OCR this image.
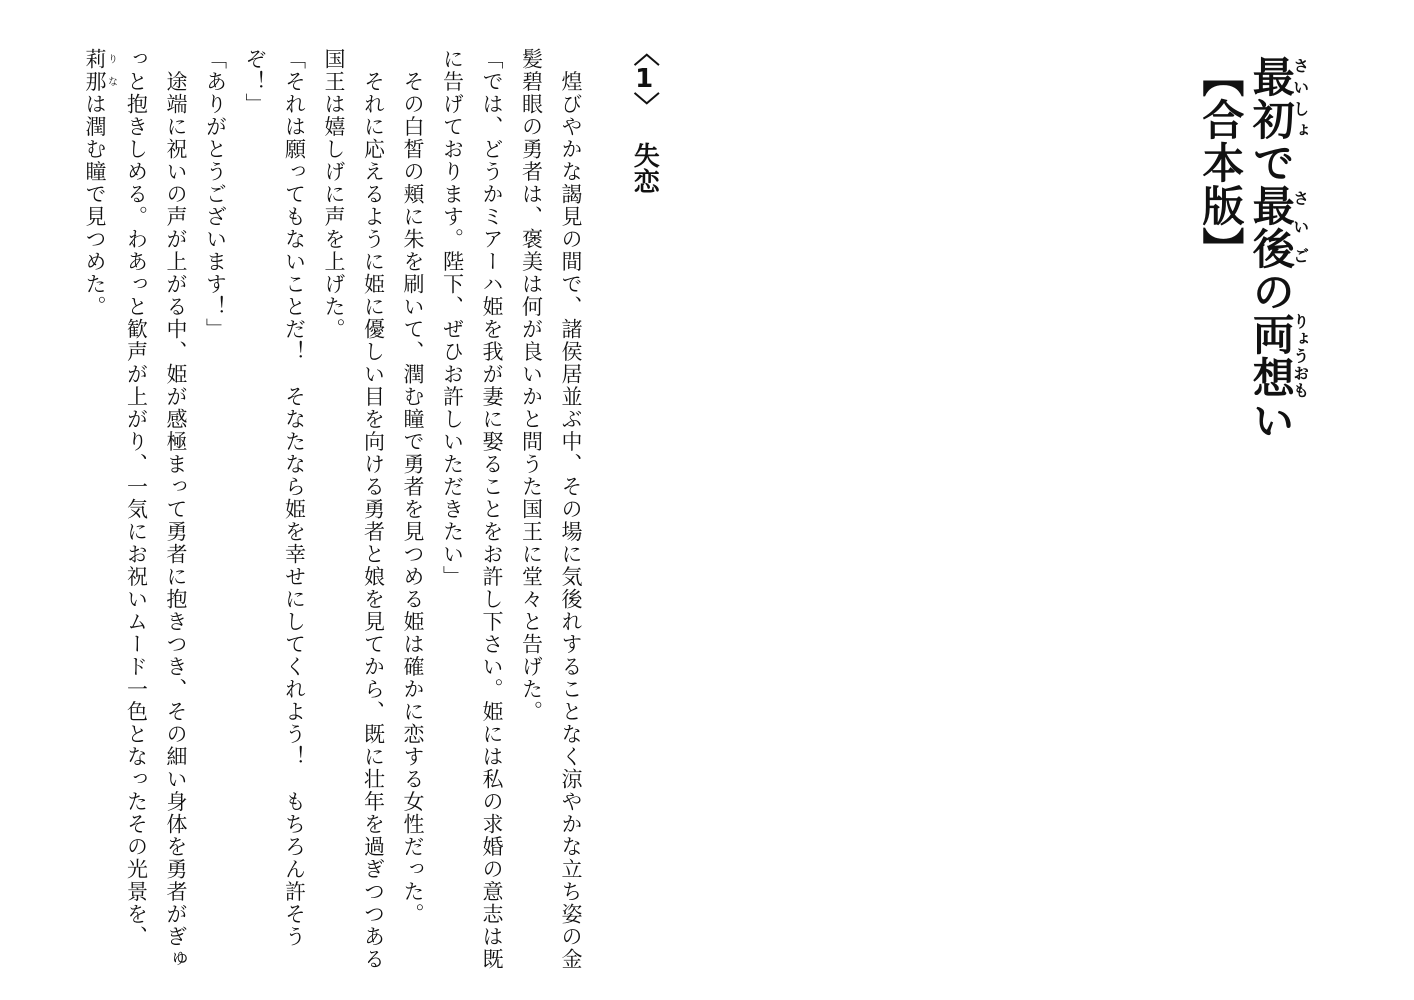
最初さいしょで最後さいごの両想りょうおもい【合本版】
〈1〉失恋

　煌びやかな謁見の間で、諸侯居並ぶ中、その場に気後れすることなく涼やかな立ち姿の金髪碧眼の勇者は、褒美は何が良いかと問うた国王に堂々と告げた。

「では、どうかミアーハ姫を我が妻に娶ることをお許し下さい。姫には私の求婚の意志は既に告げております。陛下、ぜひお許しいただきたい」

　その白皙の頬に朱を刷いて、潤む瞳で勇者を見つめる姫は確かに恋する女性だった。

　それに応えるように姫に優しい目を向ける勇者と娘を見てから、既に壮年を過ぎつつある国王は嬉しげに声を上げた。

「それは願ってもないことだ！　そなたなら姫を幸せにしてくれよう！　もちろん許そうぞ！」

「ありがとうございます！」

　途端に祝いの声が上がる中、姫が感極まって勇者に抱きつき、その細い身体を勇者がぎゅっと抱きしめる。わあっと歓声が上がり、一気にお祝いムード一色となったその光景を、

莉那りなは潤む瞳で見つめた。
